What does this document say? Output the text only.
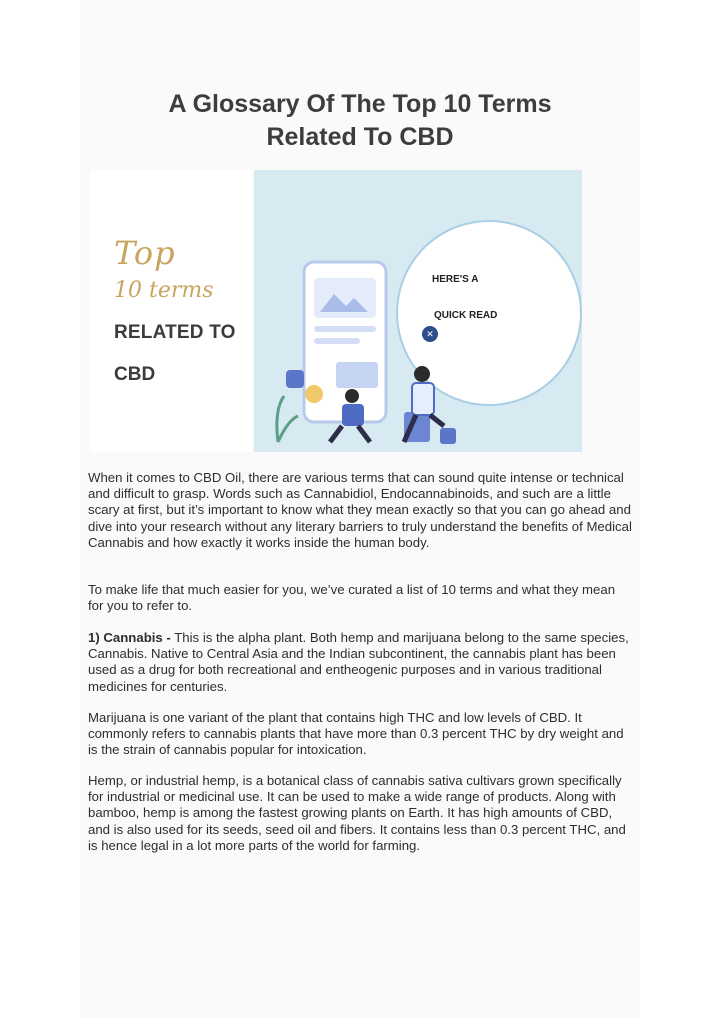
A Glossary Of The Top 10 Terms
Related To CBD
Top
10 terms
RELATED TO
CBD
HERE'S A
QUICK READ
✕

When it comes to CBD Oil, there are various terms that can sound quite intense or technical and difficult to grasp. Words such as Cannabidiol, Endocannabinoids, and such are a little scary at first, but it’s important to know what they mean exactly so that you can go ahead and dive into your research without any literary barriers to truly understand the benefits of Medical Cannabis and how exactly it works inside the human body.

To make life that much easier for you, we’ve curated a list of 10 terms and what they mean for you to refer to.

1) Cannabis - This is the alpha plant. Both hemp and marijuana belong to the same species, Cannabis. Native to Central Asia and the Indian subcontinent, the cannabis plant has been used as a drug for both recreational and entheogenic purposes and in various traditional medicines for centuries.

Marijuana is one variant of the plant that contains high THC and low levels of CBD. It commonly refers to cannabis plants that have more than 0.3 percent THC by dry weight and is the strain of cannabis popular for intoxication.

Hemp, or industrial hemp, is a botanical class of cannabis sativa cultivars grown specifically for industrial or medicinal use. It can be used to make a wide range of products. Along with bamboo, hemp is among the fastest growing plants on Earth. It has high amounts of CBD, and is also used for its seeds, seed oil and fibers. It contains less than 0.3 percent THC, and is hence legal in a lot more parts of the world for farming.
